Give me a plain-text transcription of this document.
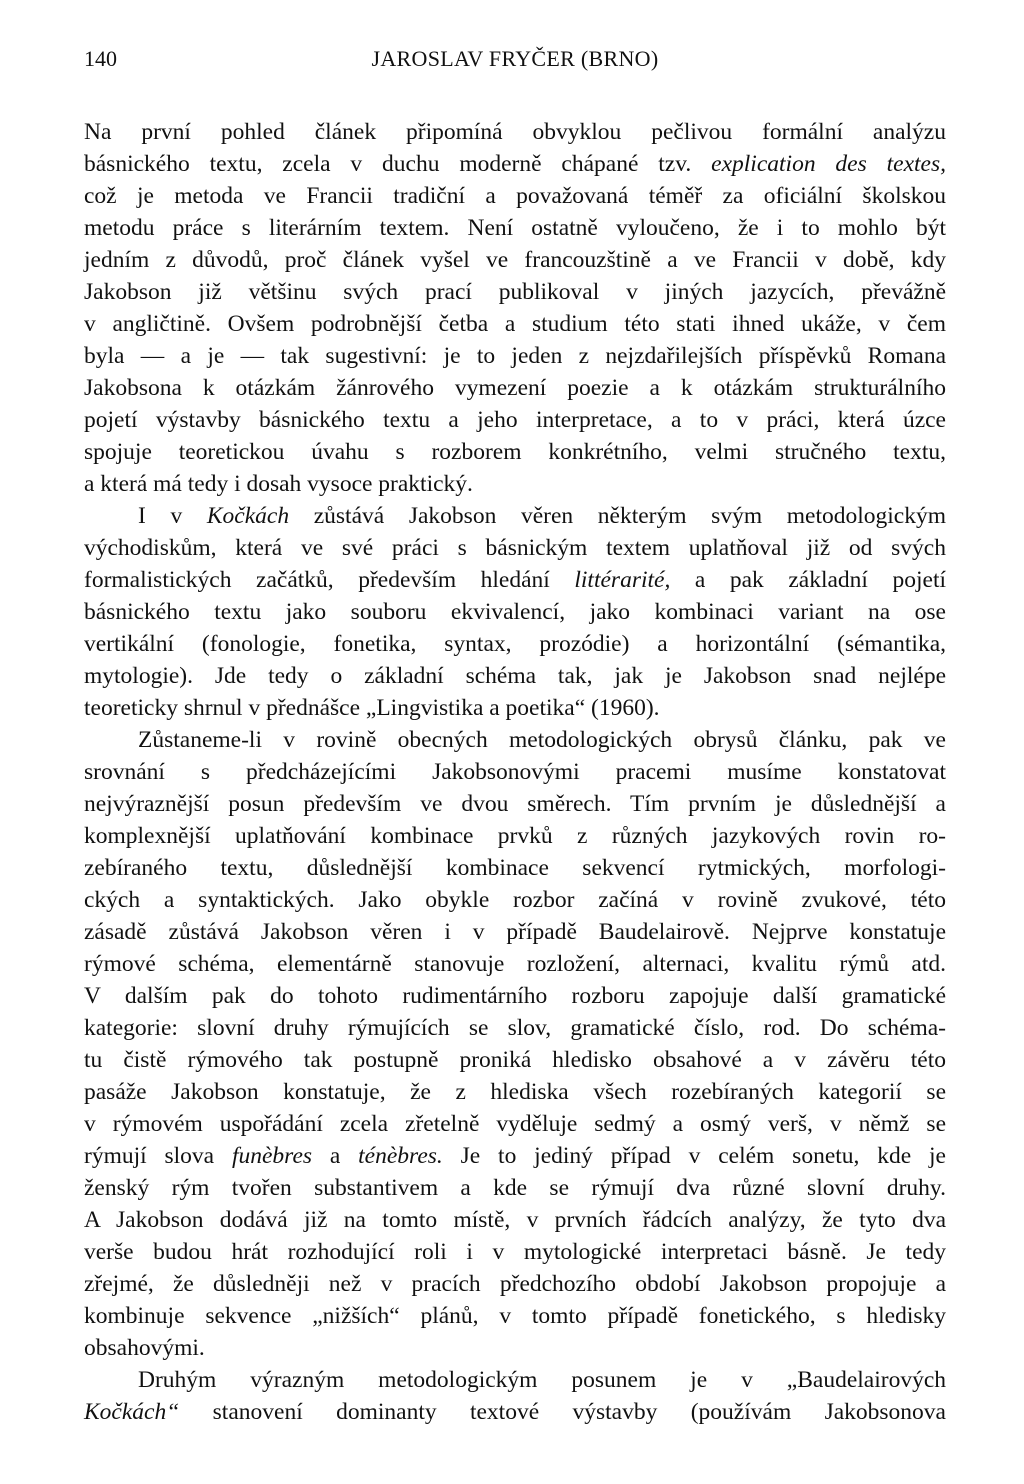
140	JAROSLAV FRYČER (BRNO)
Na první pohled článek připomíná obvyklou pečlivou formální analýzu
básnického textu, zcela v duchu moderně chápané tzv. explication des textes,
což je metoda ve Francii tradiční a považovaná téměř za oficiální školskou
metodu práce s literárním textem. Není ostatně vyloučeno, že i to mohlo být
jedním z důvodů, proč článek vyšel ve francouzštině a ve Francii v době, kdy
Jakobson již většinu svých prací publikoval v jiných jazycích, převážně
v angličtině. Ovšem podrobnější četba a studium této stati ihned ukáže, v čem
byla — a je — tak sugestivní: je to jeden z nejzdařilejších příspěvků Romana
Jakobsona k otázkám žánrového vymezení poezie a k otázkám strukturálního
pojetí výstavby básnického textu a jeho interpretace, a to v práci, která úzce
spojuje teoretickou úvahu s rozborem konkrétního, velmi stručného textu,
a která má tedy i dosah vysoce praktický.
I v Kočkách zůstává Jakobson věren některým svým metodologickým
východiskům, která ve své práci s básnickým textem uplatňoval již od svých
formalistických začátků, především hledání littérarité, a pak základní pojetí
básnického textu jako souboru ekvivalencí, jako kombinaci variant na ose
vertikální (fonologie, fonetika, syntax, prozódie) a horizontální (sémantika,
mytologie). Jde tedy o základní schéma tak, jak je Jakobson snad nejlépe
teoreticky shrnul v přednášce „Lingvistika a poetika“ (1960).
Zůstaneme-li v rovině obecných metodologických obrysů článku, pak ve
srovnání s předcházejícími Jakobsonovými pracemi musíme konstatovat
nejvýraznější posun především ve dvou směrech. Tím prvním je důslednější a
komplexnější uplatňování kombinace prvků z různých jazykových rovin ro-
zebíraného textu, důslednější kombinace sekvencí rytmických, morfologi-
ckých a syntaktických. Jako obykle rozbor začíná v rovině zvukové, této
zásadě zůstává Jakobson věren i v případě Baudelairově. Nejprve konstatuje
rýmové schéma, elementárně stanovuje rozložení, alternaci, kvalitu rýmů atd.
V dalším pak do tohoto rudimentárního rozboru zapojuje další gramatické
kategorie: slovní druhy rýmujících se slov, gramatické číslo, rod. Do schéma-
tu čistě rýmového tak postupně proniká hledisko obsahové a v závěru této
pasáže Jakobson konstatuje, že z hlediska všech rozebíraných kategorií se
v rýmovém uspořádání zcela zřetelně vyděluje sedmý a osmý verš, v němž se
rýmují slova funèbres a ténèbres. Je to jediný případ v celém sonetu, kde je
ženský rým tvořen substantivem a kde se rýmují dva různé slovní druhy.
A Jakobson dodává již na tomto místě, v prvních řádcích analýzy, že tyto dva
verše budou hrát rozhodující roli i v mytologické interpretaci básně. Je tedy
zřejmé, že důsledněji než v pracích předchozího období Jakobson propojuje a
kombinuje sekvence „nižších“ plánů, v tomto případě fonetického, s hledisky
obsahovými.
Druhým výrazným metodologickým posunem je v „Baudelairových
Kočkách“ stanovení dominanty textové výstavby (používám Jakobsonova
